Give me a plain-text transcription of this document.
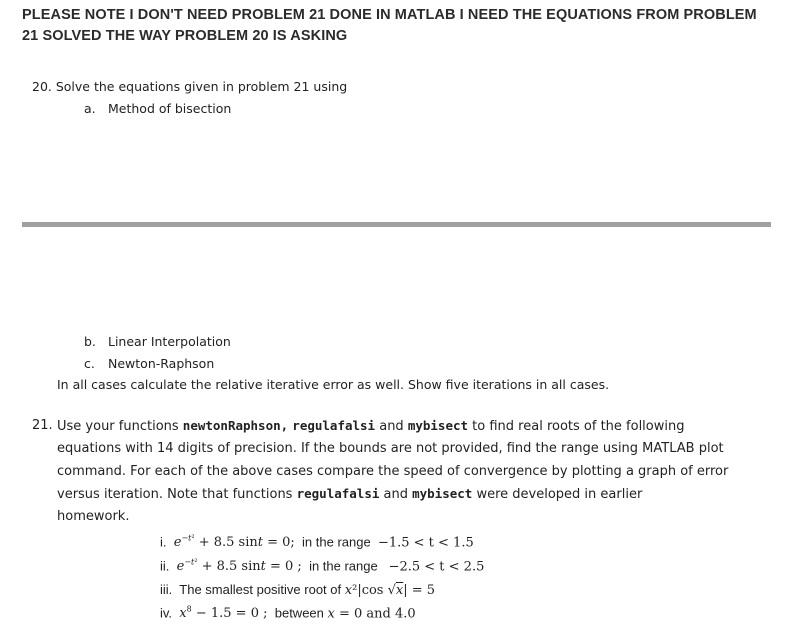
PLEASE NOTE I DON'T NEED PROBLEM 21 DONE IN MATLAB I NEED THE EQUATIONS FROM PROBLEM
21 SOLVED THE WAY PROBLEM 20 IS ASKING
20. Solve the equations given in problem 21 using
a. Method of bisection
b. Linear Interpolation
c. Newton-Raphson
In all cases calculate the relative iterative error as well. Show five iterations in all cases.
21. Use your functions newtonRaphson, regulafalsi and mybisect to find real roots of the following
equations with 14 digits of precision. If the bounds are not provided, find the range using MATLAB plot
command. For each of the above cases compare the speed of convergence by plotting a graph of error
versus iteration. Note that functions regulafalsi and mybisect were developed in earlier
homework.
i. $e^{-t^2} + 8.5$ sint = 0; in the range −1.5 < t < 1.5
ii. $e^{-t^2} + 8.5$ sint = 0 ; in the range −2.5 < t < 2.5
iii. The smallest positive root of x²|cos √x| = 5
iv. $x^8 - 1.5 = 0$ ; between x = 0 and 4.0
